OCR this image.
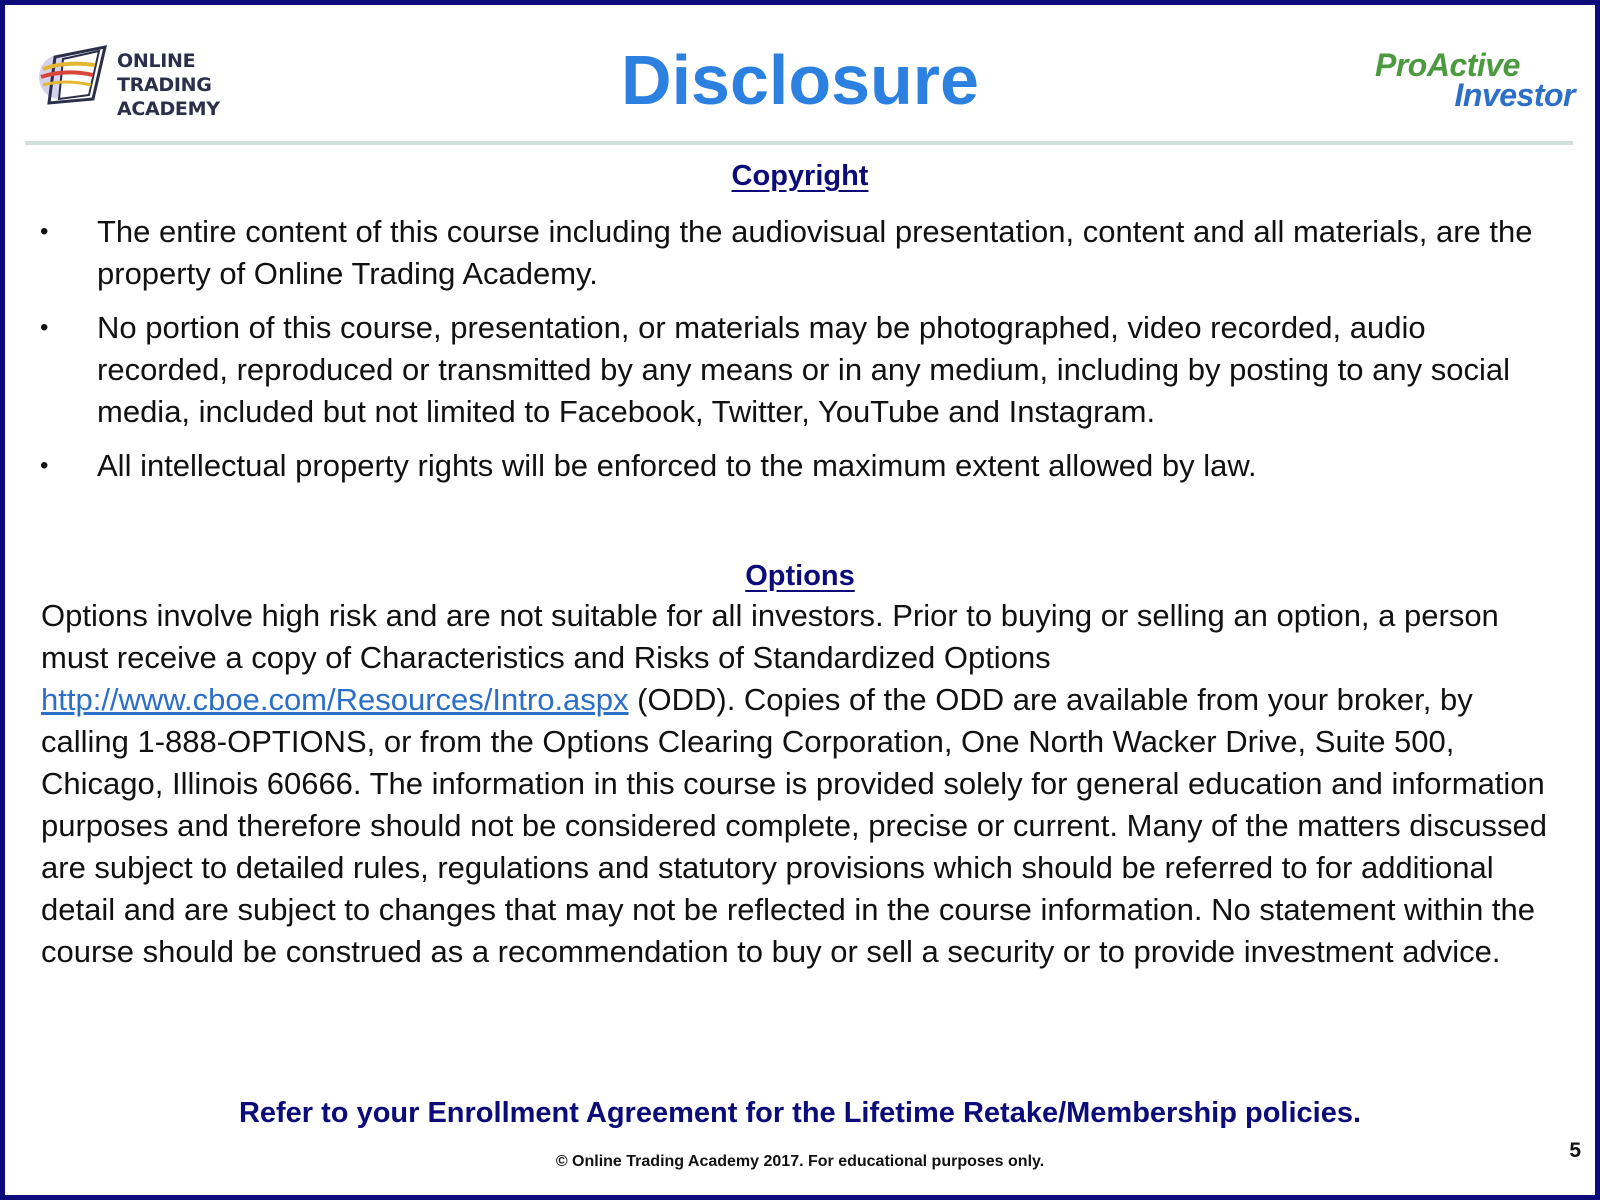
ONLINE TRADING
ACADEMY	Disclosure	ProActive
Investor
Copyright
•	The entire content of this course including the audiovisual presentation, content and all materials, are the property of Online Trading Academy.
•	No portion of this course, presentation, or materials may be photographed, video recorded, audio recorded, reproduced or transmitted by any means or in any medium, including by posting to any social media, included but not limited to Facebook, Twitter, YouTube and Instagram.
•	All intellectual property rights will be enforced to the maximum extent allowed by law.
Options

Options involve high risk and are not suitable for all investors. Prior to buying or selling an option, a person must receive a copy of Characteristics and Risks of Standardized Options http://www.cboe.com/Resources/Intro.aspx (ODD). Copies of the ODD are available from your broker, by calling 1-888-OPTIONS, or from the Options Clearing Corporation, One North Wacker Drive, Suite 500, Chicago, Illinois 60666. The information in this course is provided solely for general education and information purposes and therefore should not be considered complete, precise or current. Many of the matters discussed are subject to detailed rules, regulations and statutory provisions which should be referred to for additional detail and are subject to changes that may not be reflected in the course information. No statement within the course should be construed as a recommendation to buy or sell a security or to provide investment advice.

Refer to your Enrollment Agreement for the Lifetime Retake/Membership policies.

© Online Trading Academy 2017. For educational purposes only.	5
